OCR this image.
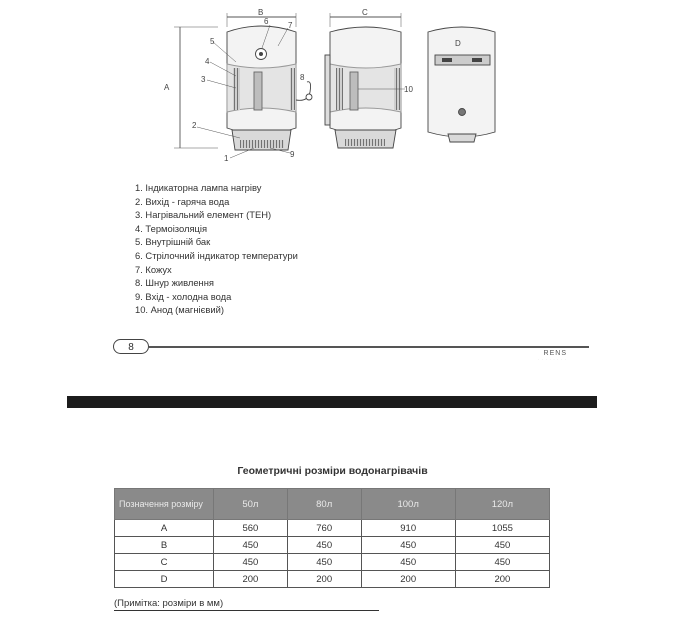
A
B	C
D
5
4
3
6 7
8
2
1	9
10
1. Індикаторна лампа нагріву
2. Вихід - гаряча вода
3. Нагрівальний елемент (ТЕН)
4. Термоізоляція
5. Внутрішній бак
6. Стрілочний індикатор температури
7. Кожух
8. Шнур живлення
9. Вхід - холодна вода
10. Анод (магнієвий)
8
RENS
· · · · · · · ·
Геометричні розміри водонагрівачів
Позначення розміру	50л	80л	100л	120л
A	560	760	910	1055
B	450	450	450	450
C	450	450	450	450
D	200	200	200	200
(Примітка: розміри в мм)
